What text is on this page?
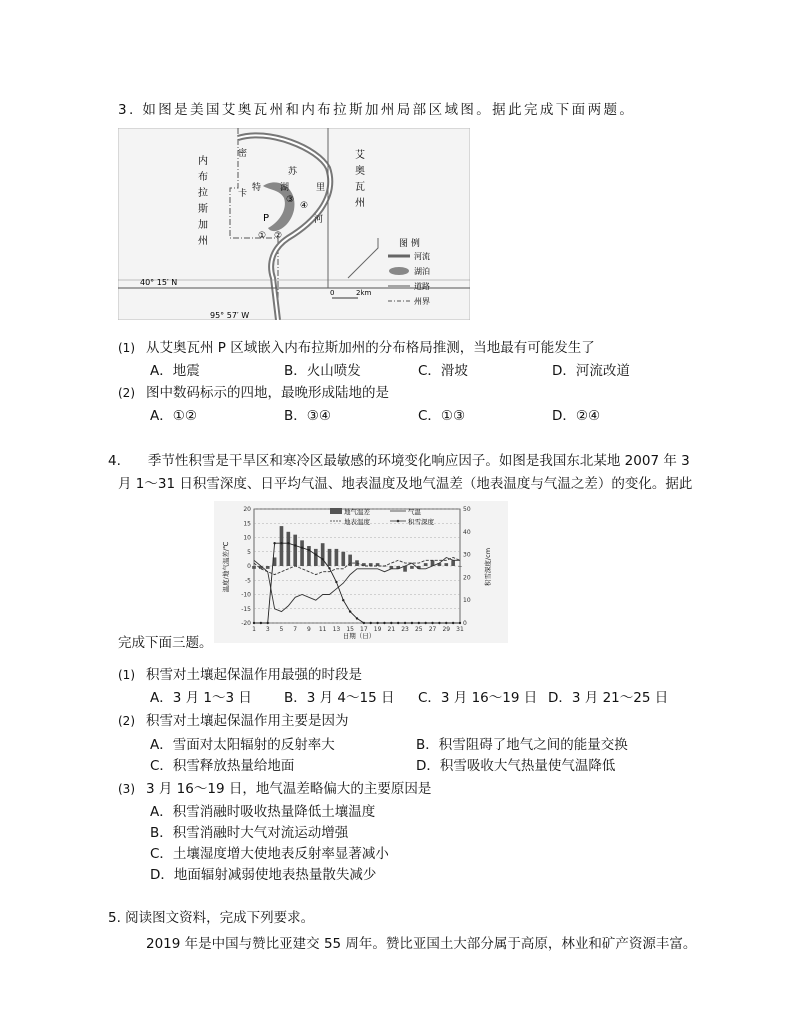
3. 如图是美国艾奥瓦州和内布拉斯加州局部区域图。据此完成下面两题。
图 例
河流
湖泊
道路
州界
0	2km
40° 15′ N
95° 57′ W
内
布
拉
斯
加
州
艾
奥
瓦
州
密
苏
里
河
卡
特 湖
P
① ②
③
④
(1) 从艾奥瓦州 P 区域嵌入内布拉斯加州的分布格局推测，当地最有可能发生了
A．地震	B．火山喷发	C．滑坡	D．河流改道
(2) 图中数码标示的四地，最晚形成陆地的是
A．①②	B．③④	C．①③	D．②④
4.　　季节性积雪是干旱区和寒冷区最敏感的环境变化响应因子。如图是我国东北某地 2007 年 3
月 1～31 日积雪深度、日平均气温、地表温度及地气温差（地表温度与气温之差）的变化。据此
-20
-15
-10
-5
0
5
10
15
20
0
10
20
30
40
50
1 3 5 7 9 11 13 15 17 19 21 23 25 27 29 31
地气温差	气温
地表温度	积雪深度
日期（日）
温度/地气温差/℃	积雪深度/cm
完成下面三题。
(1) 积雪对土壤起保温作用最强的时段是
A．3 月 1～3 日 B．3 月 4～15 日 C．3 月 16～19 日 D．3 月 21～25 日
(2) 积雪对土壤起保温作用主要是因为
A．雪面对太阳辐射的反射率大	B．积雪阻碍了地气之间的能量交换
C．积雪释放热量给地面	D．积雪吸收大气热量使气温降低
(3) 3 月 16～19 日，地气温差略偏大的主要原因是
A．积雪消融时吸收热量降低土壤温度
B．积雪消融时大气对流运动增强
C．土壤湿度增大使地表反射率显著减小
D．地面辐射减弱使地表热量散失减少
5. 阅读图文资料，完成下列要求。
2019 年是中国与赞比亚建交 55 周年。赞比亚国土大部分属于高原，林业和矿产资源丰富。
